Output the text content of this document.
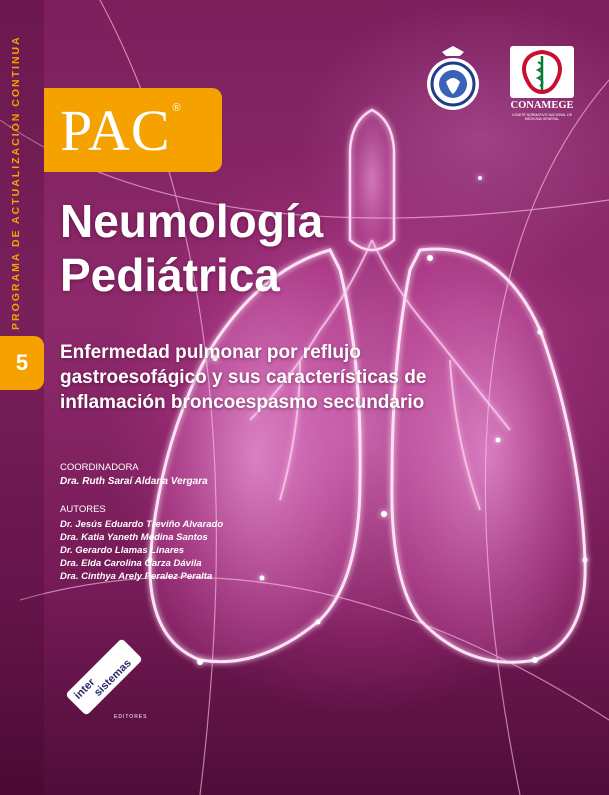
PROGRAMA DE ACTUALIZACIÓN CONTINUA
5
PAC ®
Neumología
Pediátrica
Enfermedad pulmonar por reflujo gastroesofágico y sus características de inflamación broncoespasmo secundario
COORDINADORA
Dra. Ruth Saraí Aldana Vergara
AUTORES
Dr. Jesús Eduardo Treviño Alvarado
Dra. Katia Yaneth Medina Santos
Dr. Gerardo Llamas Linares
Dra. Elda Carolina Garza Dávila
Dra. Cinthya Arely Peralez Peralta
CONAMEGE
COMITÉ NORMATIVO NACIONAL DE MEDICINA GENERAL
inter
sistemas
EDITORES
